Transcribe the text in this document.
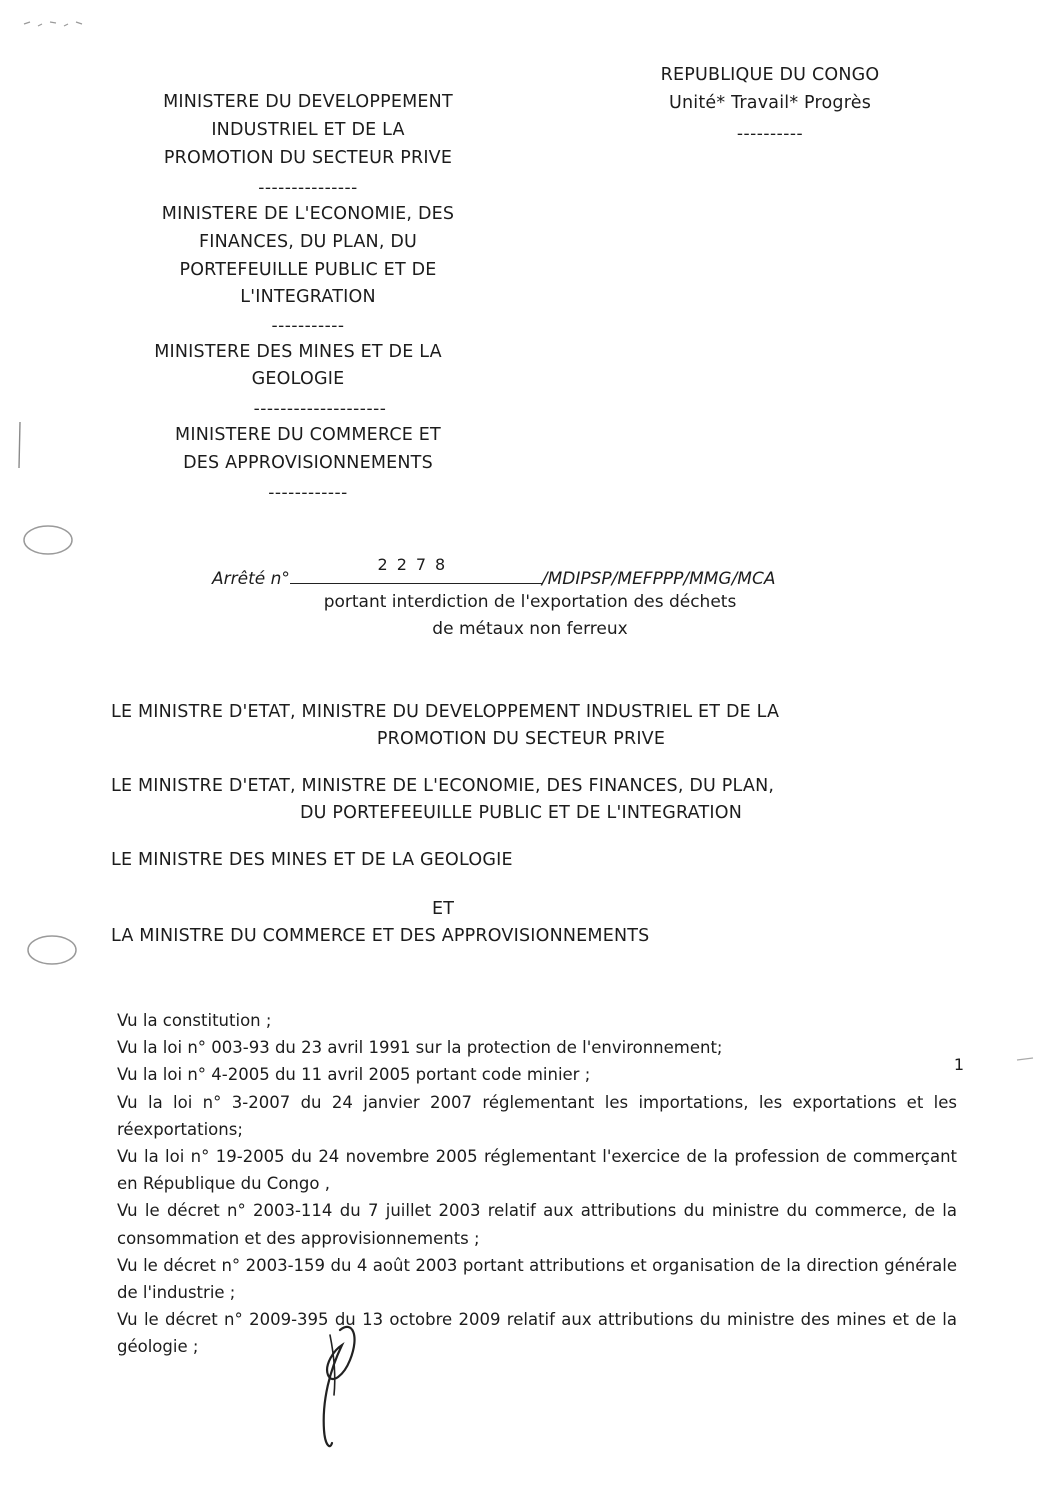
REPUBLIQUE DU CONGO
Unité* Travail* Progrès
----------
MINISTERE DU DEVELOPPEMENT
INDUSTRIEL ET DE LA
PROMOTION DU SECTEUR PRIVE
---------------
MINISTERE DE L'ECONOMIE, DES
FINANCES, DU PLAN, DU
PORTEFEUILLE PUBLIC ET DE
L'INTEGRATION
-----------
MINISTERE DES MINES ET DE LA
GEOLOGIE
--------------------
MINISTERE DU COMMERCE ET
DES APPROVISIONNEMENTS
------------
Arrêté n°
2278
/MDIPSP/MEFPPP/MMG/MCA
portant interdiction de l'exportation des déchets
de métaux non ferreux
LE MINISTRE D'ETAT, MINISTRE DU DEVELOPPEMENT INDUSTRIEL ET DE LA
PROMOTION DU SECTEUR PRIVE
LE MINISTRE D'ETAT, MINISTRE DE L'ECONOMIE, DES FINANCES, DU PLAN,
DU PORTEFEEUILLE PUBLIC ET DE L'INTEGRATION
LE MINISTRE DES MINES ET DE LA GEOLOGIE
ET
LA MINISTRE DU COMMERCE ET DES APPROVISIONNEMENTS

Vu la constitution ;

Vu la loi n° 003-93 du 23 avril 1991 sur la protection de l'environnement;

Vu la loi n° 4-2005 du 11 avril 2005 portant code minier ;

Vu la loi n° 3-2007 du 24 janvier 2007 réglementant les importations, les exportations et les réexportations;

Vu la loi n° 19-2005 du 24 novembre 2005 réglementant l'exercice de la profession de commerçant en République du Congo ,

Vu le décret n° 2003-114 du 7 juillet 2003 relatif aux attributions du ministre du commerce, de la consommation et des approvisionnements ;

Vu le décret n° 2003-159 du 4 août 2003 portant attributions et organisation de la direction générale de l'industrie ;

Vu le décret n° 2009-395 du 13 octobre 2009 relatif aux attributions du ministre des mines et de la géologie ;

1
